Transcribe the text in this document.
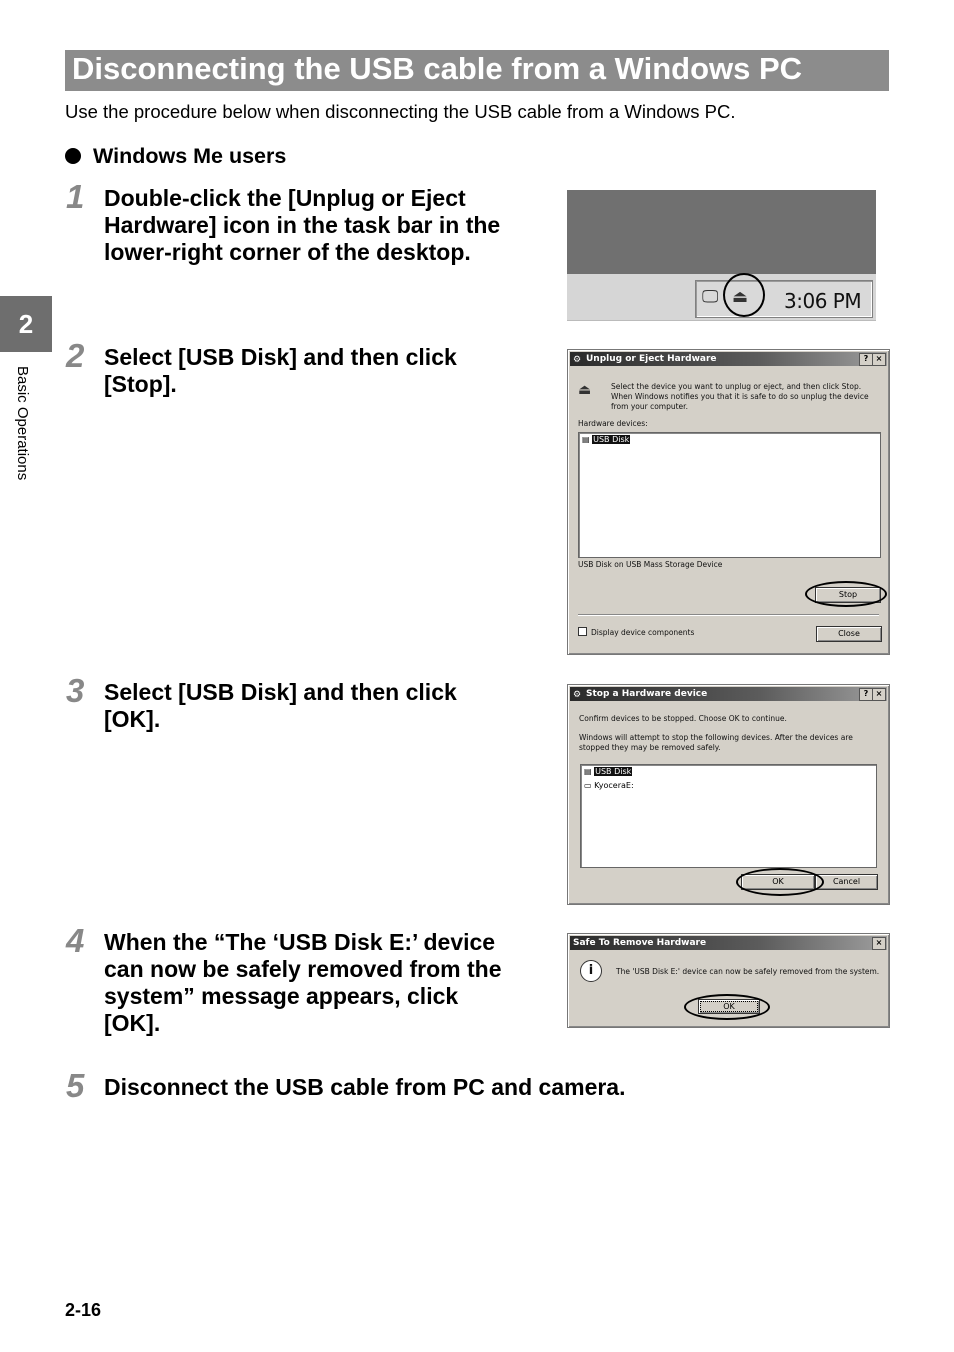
Disconnecting the USB cable from a Windows PC
Use the procedure below when disconnecting the USB cable from a Windows PC.
Windows Me users
2
Basic Operations
1 Double-click the [Unplug or Eject
Hardware] icon in the task bar in the
lower-right corner of the desktop.
2 Select [USB Disk] and then click
[Stop].
3 Select [USB Disk] and then click
[OK].
4 When the “The ‘USB Disk E:’ device
can now be safely removed from the
system” message appears, click
[OK].
5 Disconnect the USB cable from PC and camera.
🖵 ⏏ 3:06 PM
⚙ Unplug or Eject Hardware	? ×
⏏	Select the device you want to unplug or eject, and then click Stop. When Windows notifies you that it is safe to do so unplug the device from your computer.
Hardware devices:
▤ USB Disk
USB Disk on USB Mass Storage Device
Stop
Display device components	Close
⚙ Stop a Hardware device	? ×
Confirm devices to be stopped. Choose OK to continue.
Windows will attempt to stop the following devices. After the devices are stopped they may be removed safely.
▤ USB Disk
▭ KyoceraE:
OK	Cancel
Safe To Remove Hardware	×
i	The 'USB Disk E:' device can now be safely removed from the system.
OK
2-16
